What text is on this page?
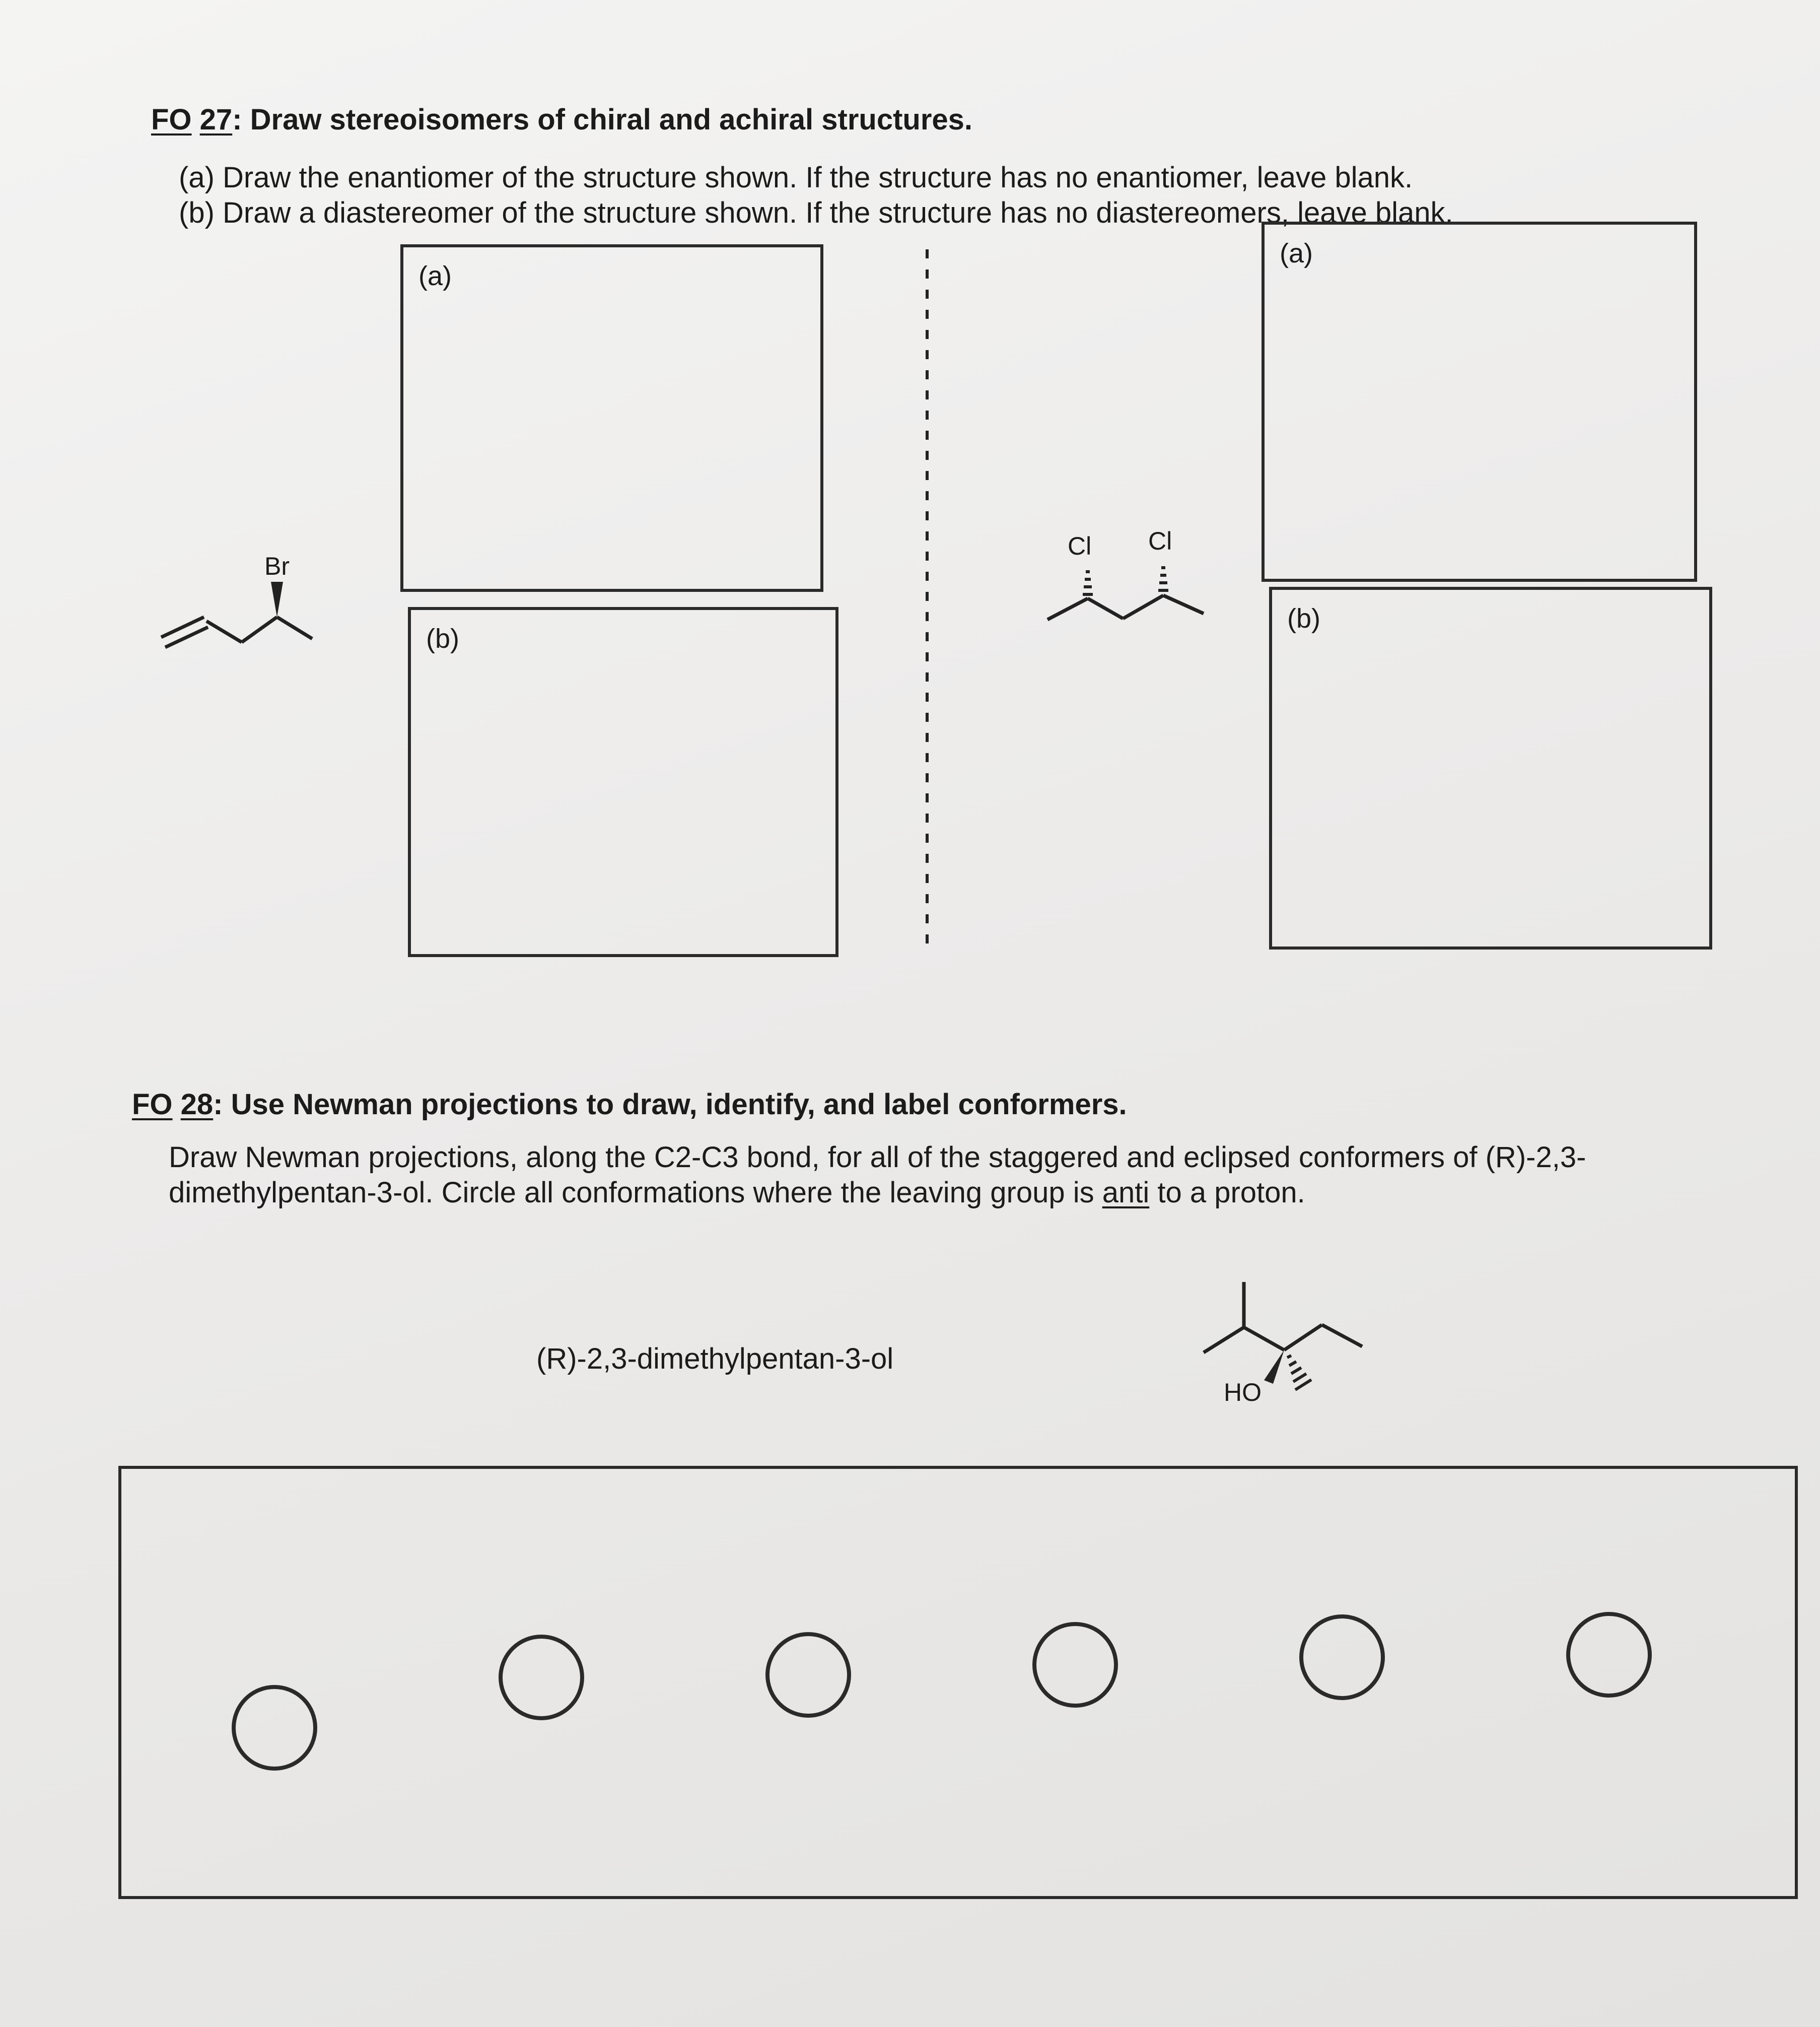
FO 27: Draw stereoisomers of chiral and achiral structures.
(a) Draw the enantiomer of the structure shown. If the structure has no enantiomer, leave blank.
(b) Draw a diastereomer of the structure shown. If the structure has no diastereomers, leave blank.
(a)
(b)
Br
Cl Cl
(a)
(b)
FO 28: Use Newman projections to draw, identify, and label conformers.
Draw Newman projections, along the C2-C3 bond, for all of the staggered and eclipsed conformers of (R)-2,3-
dimethylpentan-3-ol. Circle all conformations where the leaving group is anti to a proton.
(R)-2,3-dimethylpentan-3-ol
HO
